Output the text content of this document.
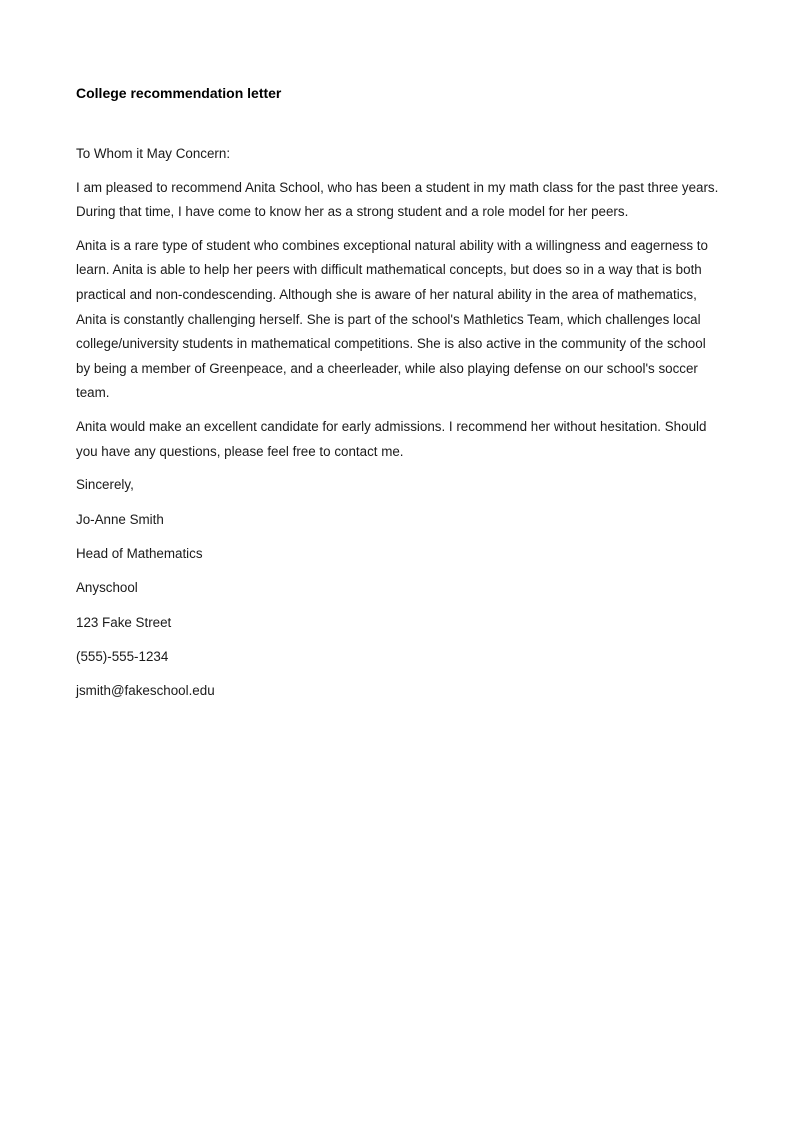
College recommendation letter
To Whom it May Concern:
I am pleased to recommend Anita School, who has been a student in my math class for the past three years.
During that time, I have come to know her as a strong student and a role model for her peers.
Anita is a rare type of student who combines exceptional natural ability with a willingness and eagerness to
learn. Anita is able to help her peers with difficult mathematical concepts, but does so in a way that is both
practical and non-condescending. Although she is aware of her natural ability in the area of mathematics,
Anita is constantly challenging herself. She is part of the school's Mathletics Team, which challenges local
college/university students in mathematical competitions. She is also active in the community of the school
by being a member of Greenpeace, and a cheerleader, while also playing defense on our school's soccer
team.
Anita would make an excellent candidate for early admissions. I recommend her without hesitation. Should
you have any questions, please feel free to contact me.
Sincerely,
Jo-Anne Smith
Head of Mathematics
Anyschool
123 Fake Street
(555)-555-1234
jsmith@fakeschool.edu
